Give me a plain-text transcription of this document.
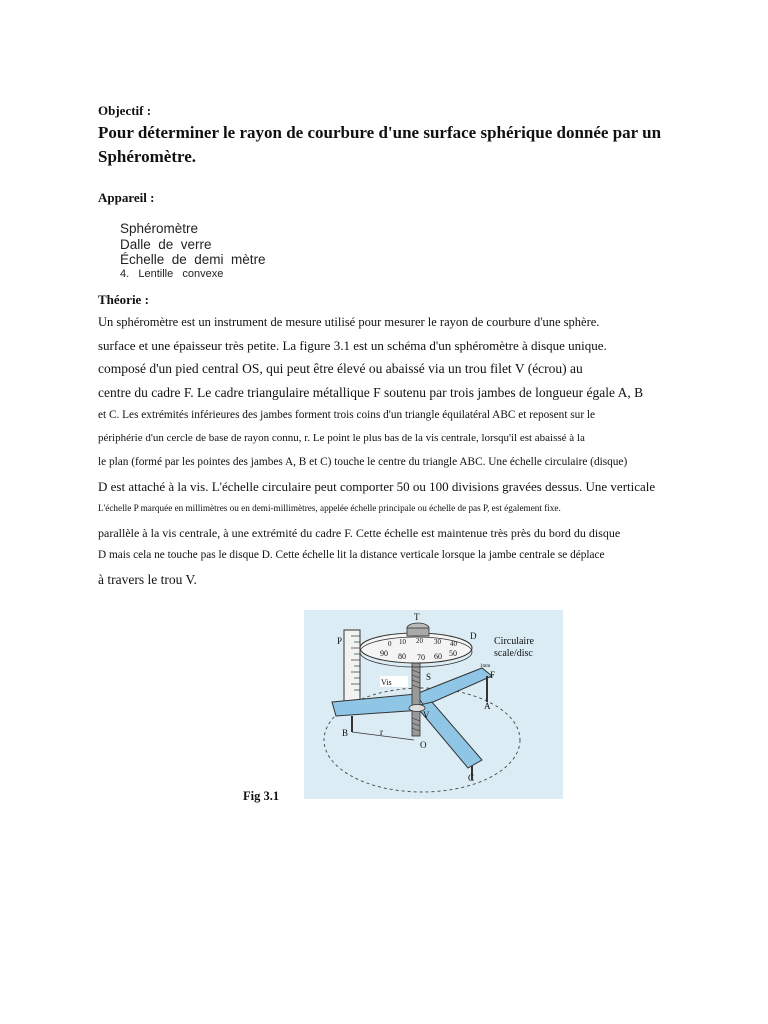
Objectif :
Pour déterminer le rayon de courbure d'une surface sphérique donnée par un
Sphéromètre.
Appareil :
Sphéromètre
Dalle  de  verre
Échelle  de  demi  mètre
4.   Lentille   convexe
Théorie :
Un sphéromètre est un instrument de mesure utilisé pour mesurer le rayon de courbure d'une sphère.
surface et une épaisseur très petite. La figure 3.1 est un schéma d'un sphéromètre à disque unique.
composé d'un pied central OS, qui peut être élevé ou abaissé via un trou filet V (écrou) au
centre du cadre F. Le cadre triangulaire métallique F soutenu par trois jambes de longueur égale A, B
et C. Les extrémités inférieures des jambes forment trois coins d'un triangle équilatéral ABC et reposent sur le
périphérie d'un cercle de base de rayon connu, r. Le point le plus bas de la vis centrale, lorsqu'il est abaissé à la
le plan (formé par les pointes des jambes A, B et C) touche le centre du triangle ABC. Une échelle circulaire (disque)
D est attaché à la vis. L'échelle circulaire peut comporter 50 ou 100 divisions gravées dessus. Une verticale
L'échelle P marquée en millimètres ou en demi-millimètres, appelée échelle principale ou échelle de pas P, est également fixe.
parallèle à la vis centrale, à une extrémité du cadre F. Cette échelle est maintenue très près du bord du disque
D mais cela ne touche pas le disque D. Cette échelle lit la distance verticale lorsque la jambe centrale se déplace
à travers le trou V.
T
D
P
S
V
F
A
B
C
O
r
Circulaire
scale/disc
Vis
1mm
0 10 20 30 40
90 80 70 60 50
Fig 3.1
